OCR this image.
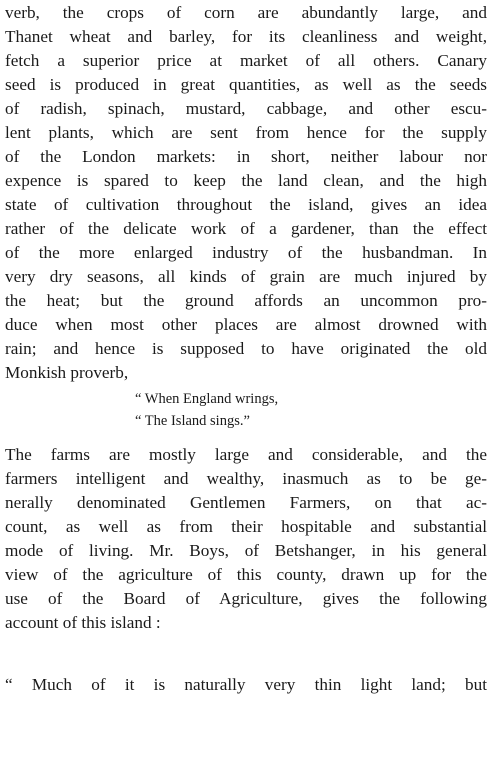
verb, the crops of corn are abundantly large, and
Thanet wheat and barley, for its cleanliness and weight,
fetch a superior price at market of all others. Canary
seed is produced in great quantities, as well as the seeds
of radish, spinach, mustard, cabbage, and other escu-
lent plants, which are sent from hence for the supply
of the London markets: in short, neither labour nor
expence is spared to keep the land clean, and the high
state of cultivation throughout the island, gives an idea
rather of the delicate work of a gardener, than the effect
of the more enlarged industry of the husbandman. In
very dry seasons, all kinds of grain are much injured by
the heat; but the ground affords an uncommon pro-
duce when most other places are almost drowned with
rain; and hence is supposed to have originated the old
Monkish proverb,
“ When England wrings,
“ The Island sings.”
The farms are mostly large and considerable, and the
farmers intelligent and wealthy, inasmuch as to be ge-
nerally denominated Gentlemen Farmers, on that ac-
count, as well as from their hospitable and substantial
mode of living. Mr. Boys, of Betshanger, in his general
view of the agriculture of this county, drawn up for the
use of the Board of Agriculture, gives the following
account of this island :
“ Much of it is naturally very thin light land; but
